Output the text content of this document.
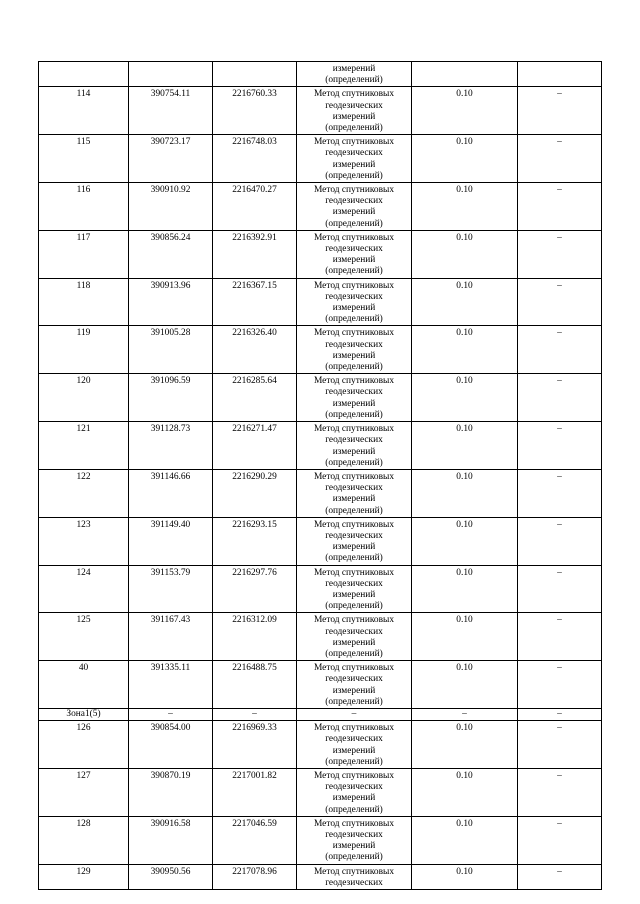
			измерений
(определений)		

114	390754.11	2216760.33	Метод спутниковых
геодезических
измерений
(определений)	0.10	–
115	390723.17	2216748.03	Метод спутниковых
геодезических
измерений
(определений)	0.10	–
116	390910.92	2216470.27	Метод спутниковых
геодезических
измерений
(определений)	0.10	–
117	390856.24	2216392.91	Метод спутниковых
геодезических
измерений
(определений)	0.10	–
118	390913.96	2216367.15	Метод спутниковых
геодезических
измерений
(определений)	0.10	–
119	391005.28	2216326.40	Метод спутниковых
геодезических
измерений
(определений)	0.10	–
120	391096.59	2216285.64	Метод спутниковых
геодезических
измерений
(определений)	0.10	–
121	391128.73	2216271.47	Метод спутниковых
геодезических
измерений
(определений)	0.10	–
122	391146.66	2216290.29	Метод спутниковых
геодезических
измерений
(определений)	0.10	–
123	391149.40	2216293.15	Метод спутниковых
геодезических
измерений
(определений)	0.10	–
124	391153.79	2216297.76	Метод спутниковых
геодезических
измерений
(определений)	0.10	–
125	391167.43	2216312.09	Метод спутниковых
геодезических
измерений
(определений)	0.10	–
40	391335.11	2216488.75	Метод спутниковых
геодезических
измерений
(определений)	0.10	–
Зона1(5)	–	–	–	–	–
126	390854.00	2216969.33	Метод спутниковых
геодезических
измерений
(определений)	0.10	–
127	390870.19	2217001.82	Метод спутниковых
геодезических
измерений
(определений)	0.10	–
128	390916.58	2217046.59	Метод спутниковых
геодезических
измерений
(определений)	0.10	–
129	390950.56	2217078.96	Метод спутниковых
геодезических	0.10	–
